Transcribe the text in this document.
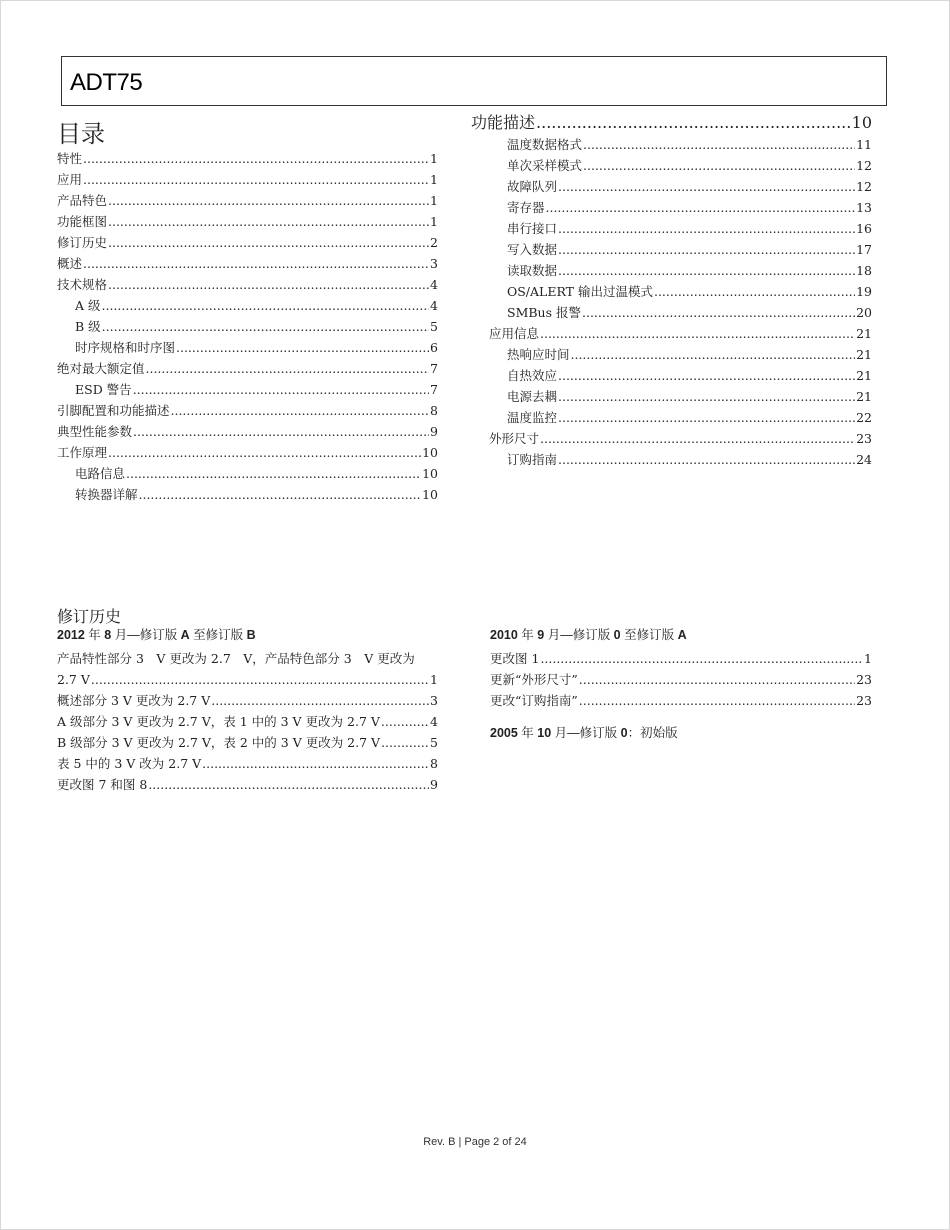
ADT75
目录
特性 .....	1
应用 .....	1
产品特色 .....	1
功能框图 .....	1
修订历史 .....	2
概述 .....	3
技术规格 .....	4
A 级 .....	4
B 级 .....	5
时序规格和时序图 .....	6
绝对最大额定值 .....	7
ESD 警告 .....	7
引脚配置和功能描述 .....	8
典型性能参数 .....	9
工作原理 .....	10
电路信息 .....	10
转换器详解 .....	10
功能描述 .....	10
温度数据格式 .....	11
单次采样模式 .....	12
故障队列 .....	12
寄存器 .....	13
串行接口 .....	16
写入数据 .....	17
读取数据 .....	18
OS/ALERT 输出过温模式 .....	19
SMBus 报警 .....	20
应用信息 .....	21
热响应时间 .....	21
自热效应 .....	21
电源去耦 .....	21
温度监控 .....	22
外形尺寸 .....	23
订购指南 .....	24
修订历史
2012 年 8 月—修订版 A 至修订版 B
产品特性部分 3　V 更改为 2.7　V，产品特色部分 3　V 更改为
2.7 V .....	1
概述部分 3 V 更改为 2.7 V .....	3
A 级部分 3 V 更改为 2.7 V，表 1 中的 3 V 更改为 2.7 V .....	4
B 级部分 3 V 更改为 2.7 V，表 2 中的 3 V 更改为 2.7 V .....	5
表 5 中的 3 V 改为 2.7 V .....	8
更改图 7 和图 8 .....	9
2010 年 9 月—修订版 0 至修订版 A
更改图 1 .....	1
更新“外形尺寸” .....	23
更改“订购指南” .....	23
2005 年 10 月—修订版 0：初始版
Rev. B | Page 2 of 24
